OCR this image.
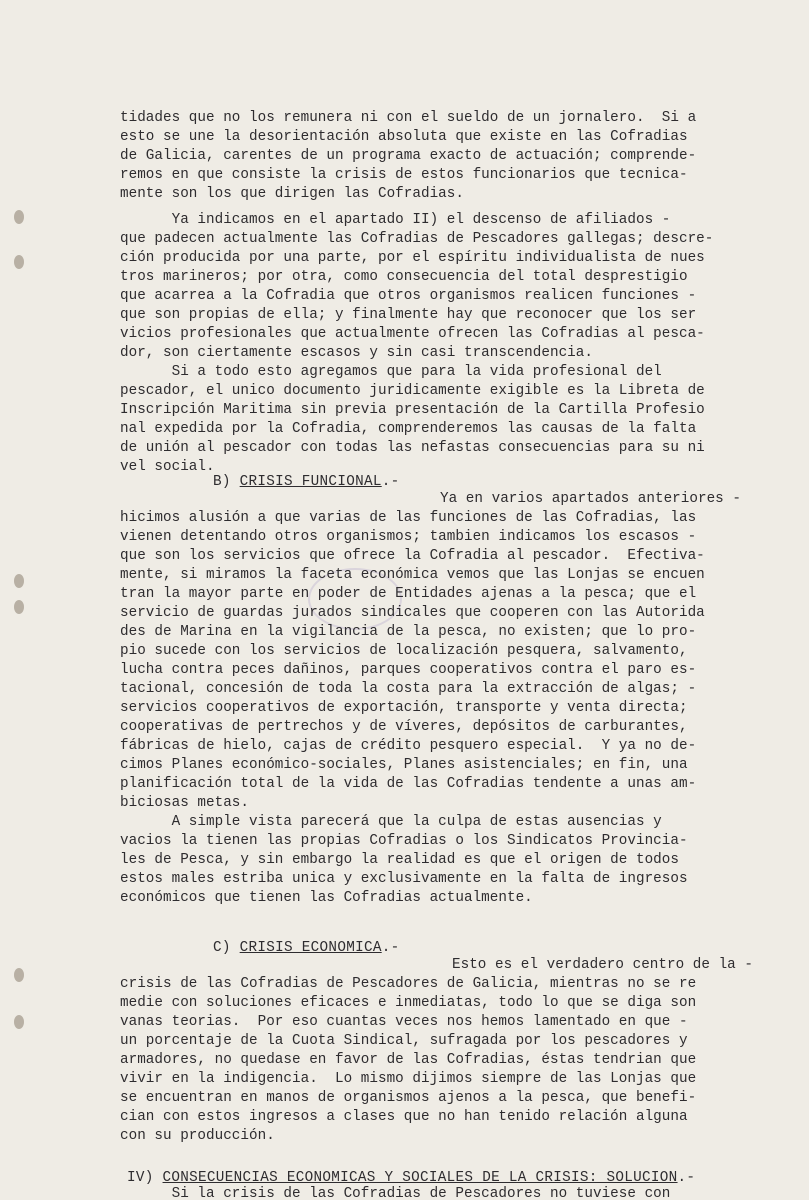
tidades que no los remunera ni con el sueldo de un jornalero.  Si a
esto se une la desorientación absoluta que existe en las Cofradias
de Galicia, carentes de un programa exacto de actuación; comprende-
remos en que consiste la crisis de estos funcionarios que tecnica-
mente son los que dirigen las Cofradias.
Ya indicamos en el apartado II) el descenso de afiliados -
que padecen actualmente las Cofradias de Pescadores gallegas; descre-
ción producida por una parte, por el espíritu individualista de nues
tros marineros; por otra, como consecuencia del total desprestigio
que acarrea a la Cofradia que otros organismos realicen funciones -
que son propias de ella; y finalmente hay que reconocer que los ser
vicios profesionales que actualmente ofrecen las Cofradias al pesca-
dor, son ciertamente escasos y sin casi transcendencia.
Si a todo esto agregamos que para la vida profesional del
pescador, el unico documento juridicamente exigible es la Libreta de
Inscripción Maritima sin previa presentación de la Cartilla Profesio
nal expedida por la Cofradia, comprenderemos las causas de la falta
de unión al pescador con todas las nefastas consecuencias para su ni
vel social.
B) CRISIS FUNCIONAL.-
Ya en varios apartados anteriores -
hicimos alusión a que varias de las funciones de las Cofradias, las
vienen detentando otros organismos; tambien indicamos los escasos -
que son los servicios que ofrece la Cofradia al pescador.  Efectiva-
mente, si miramos la faceta económica vemos que las Lonjas se encuen
tran la mayor parte en poder de Entidades ajenas a la pesca; que el
servicio de guardas jurados sindicales que cooperen con las Autorida
des de Marina en la vigilancia de la pesca, no existen; que lo pro-
pio sucede con los servicios de localización pesquera, salvamento,
lucha contra peces dañinos, parques cooperativos contra el paro es-
tacional, concesión de toda la costa para la extracción de algas; -
servicios cooperativos de exportación, transporte y venta directa;
cooperativas de pertrechos y de víveres, depósitos de carburantes,
fábricas de hielo, cajas de crédito pesquero especial.  Y ya no de-
cimos Planes económico-sociales, Planes asistenciales; en fin, una
planificación total de la vida de las Cofradias tendente a unas am-
biciosas metas.
A simple vista parecerá que la culpa de estas ausencias y
vacios la tienen las propias Cofradias o los Sindicatos Provincia-
les de Pesca, y sin embargo la realidad es que el origen de todos
estos males estriba unica y exclusivamente en la falta de ingresos
económicos que tienen las Cofradias actualmente.
C) CRISIS ECONOMICA.-
Esto es el verdadero centro de la -
crisis de las Cofradias de Pescadores de Galicia, mientras no se re
medie con soluciones eficaces e inmediatas, todo lo que se diga son
vanas teorias.  Por eso cuantas veces nos hemos lamentado en que -
un porcentaje de la Cuota Sindical, sufragada por los pescadores y
armadores, no quedase en favor de las Cofradias, éstas tendrian que
vivir en la indigencia.  Lo mismo dijimos siempre de las Lonjas que
se encuentran en manos de organismos ajenos a la pesca, que benefi-
cian con estos ingresos a clases que no han tenido relación alguna
con su producción.
IV) CONSECUENCIAS ECONOMICAS Y SOCIALES DE LA CRISIS: SOLUCION.-
Si la crisis de las Cofradias de Pescadores no tuviese con
